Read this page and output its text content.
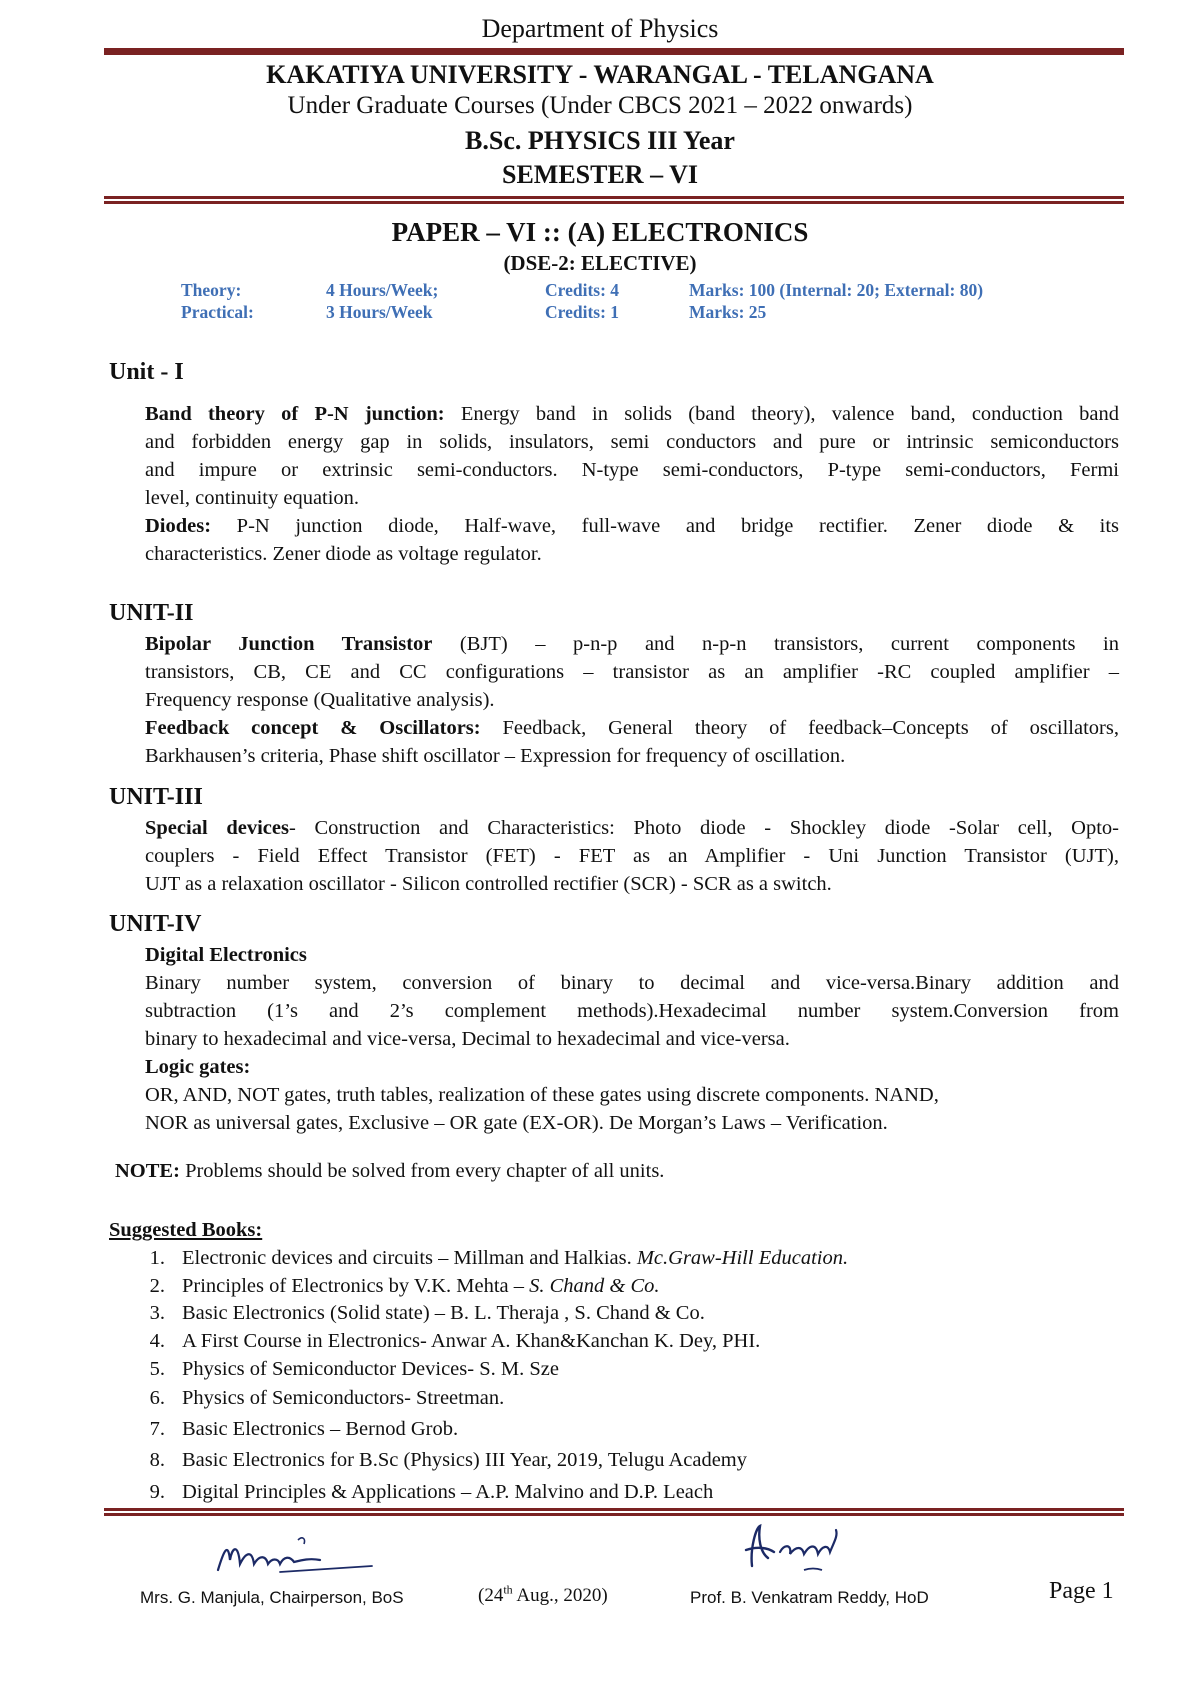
Department of Physics
KAKATIYA UNIVERSITY - WARANGAL - TELANGANA
Under Graduate Courses (Under CBCS 2021 – 2022 onwards)
B.Sc. PHYSICS III Year
SEMESTER – VI
PAPER – VI :: (A) ELECTRONICS
(DSE-2: ELECTIVE)
Theory:	4 Hours/Week;	Credits: 4	Marks: 100 (Internal: 20; External: 80)
Practical:	3 Hours/Week	Credits: 1	Marks: 25
Unit - I
Band theory of P-N junction: Energy band in solids (band theory), valence band, conduction band
and forbidden energy gap in solids, insulators, semi conductors and pure or intrinsic semiconductors
and impure or extrinsic semi-conductors. N-type semi-conductors, P-type semi-conductors, Fermi
level, continuity equation.
Diodes: P-N junction diode, Half-wave, full-wave and bridge rectifier. Zener diode & its
characteristics. Zener diode as voltage regulator.
UNIT-II
Bipolar Junction Transistor (BJT) – p-n-p and n-p-n transistors, current components in
transistors, CB, CE and CC configurations – transistor as an amplifier -RC coupled amplifier –
Frequency response (Qualitative analysis).
Feedback concept & Oscillators: Feedback, General theory of feedback–Concepts of oscillators,
Barkhausen’s criteria, Phase shift oscillator – Expression for frequency of oscillation.
UNIT-III
Special devices- Construction and Characteristics: Photo diode - Shockley diode -Solar cell, Opto-
couplers - Field Effect Transistor (FET) - FET as an Amplifier - Uni Junction Transistor (UJT),
UJT as a relaxation oscillator - Silicon controlled rectifier (SCR) - SCR as a switch.
UNIT-IV
Digital Electronics
Binary number system, conversion of binary to decimal and vice-versa.Binary addition and
subtraction (1’s and 2’s complement methods).Hexadecimal number system.Conversion from
binary to hexadecimal and vice-versa, Decimal to hexadecimal and vice-versa.
Logic gates:
OR, AND, NOT gates, truth tables, realization of these gates using discrete components. NAND,
NOR as universal gates, Exclusive – OR gate (EX-OR). De Morgan’s Laws – Verification.
NOTE: Problems should be solved from every chapter of all units.
Suggested Books:
1. Electronic devices and circuits – Millman and Halkias. Mc.Graw-Hill Education.
2. Principles of Electronics by V.K. Mehta – S. Chand & Co.
3. Basic Electronics (Solid state) – B. L. Theraja , S. Chand & Co.
4. A First Course in Electronics- Anwar A. Khan&Kanchan K. Dey, PHI.
5. Physics of Semiconductor Devices- S. M. Sze
6. Physics of Semiconductors- Streetman.
7. Basic Electronics – Bernod Grob.
8. Basic Electronics for B.Sc (Physics) III Year, 2019, Telugu Academy
9. Digital Principles & Applications – A.P. Malvino and D.P. Leach
Mrs. G. Manjula, Chairperson, BoS	(24th Aug., 2020)	Prof. B. Venkatram Reddy, HoD	Page 1
